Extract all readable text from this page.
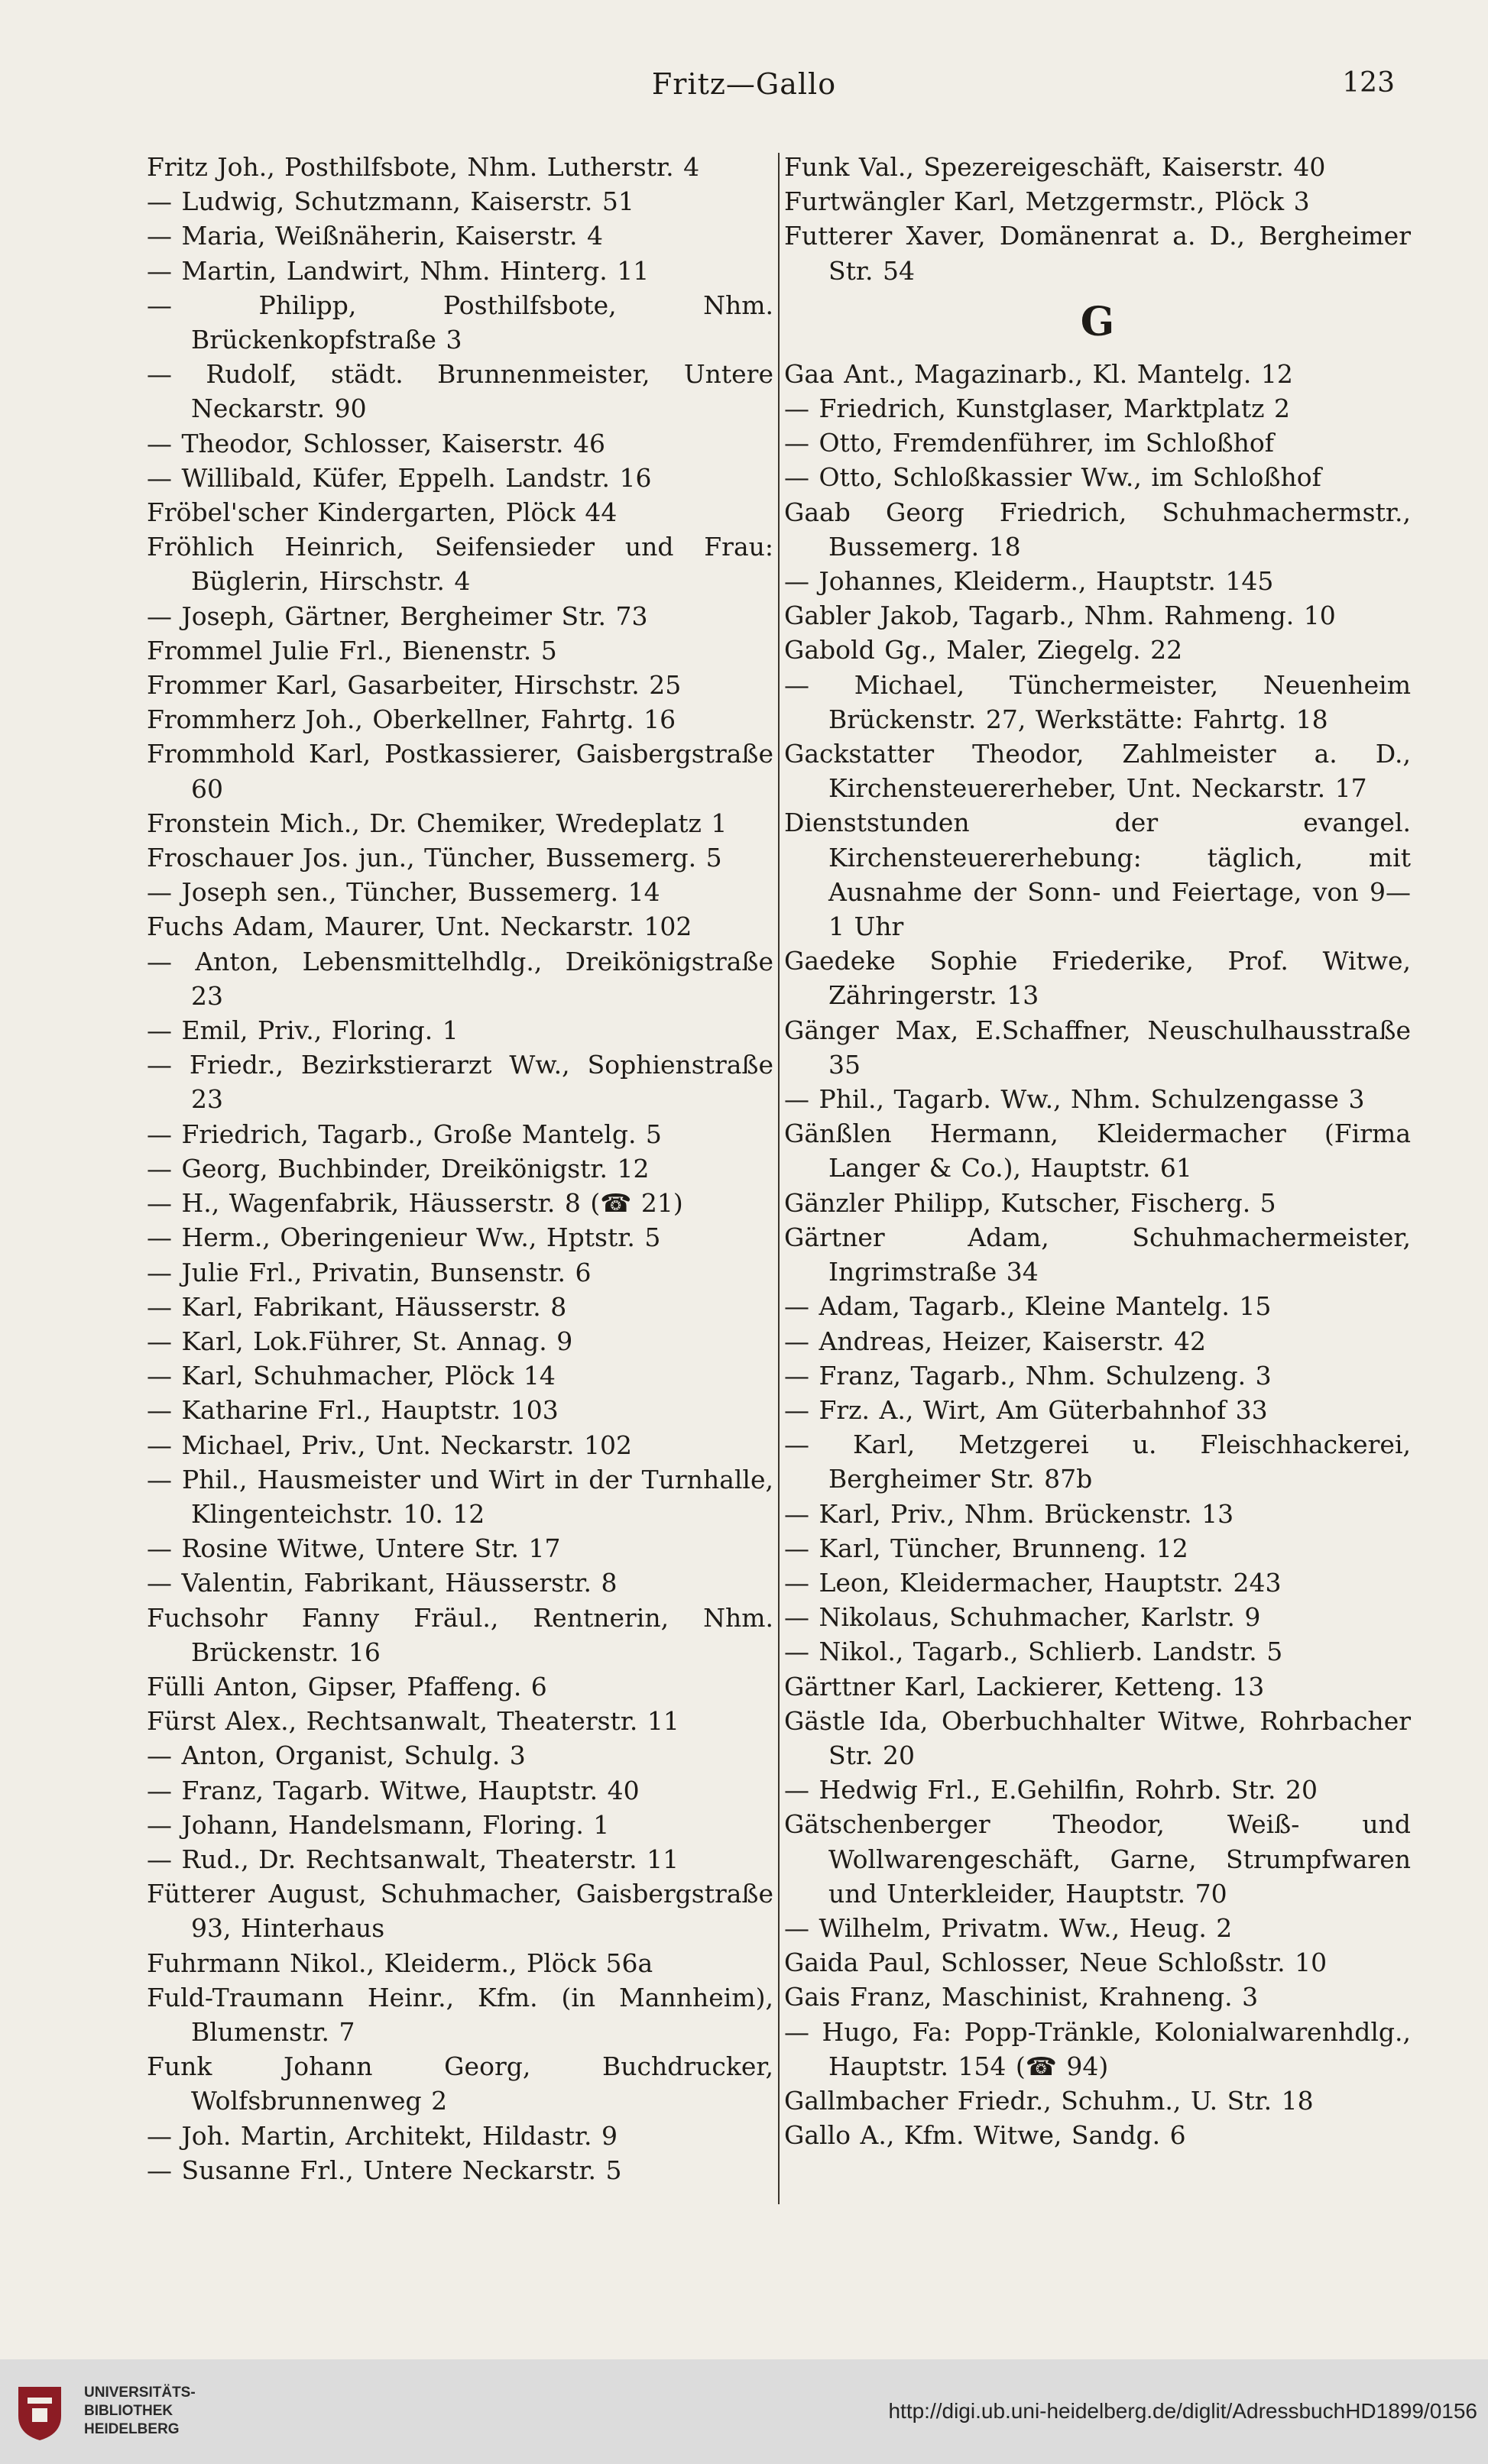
Fritz—Gallo	123

Fritz Joh., Posthilfsbote, Nhm. Lutherstr. 4

— Ludwig, Schutzmann, Kaiserstr. 51

— Maria, Weißnäherin, Kaiserstr. 4

— Martin, Landwirt, Nhm. Hinterg. 11

— Philipp, Posthilfsbote, Nhm. Brückenkopfstraße 3

— Rudolf, städt. Brunnenmeister, Untere Neckarstr. 90

— Theodor, Schlosser, Kaiserstr. 46

— Willibald, Küfer, Eppelh. Landstr. 16

Fröbel'scher Kindergarten, Plöck 44

Fröhlich Heinrich, Seifensieder und Frau: Büglerin, Hirschstr. 4

— Joseph, Gärtner, Bergheimer Str. 73

Frommel Julie Frl., Bienenstr. 5

Frommer Karl, Gasarbeiter, Hirschstr. 25

Frommherz Joh., Oberkellner, Fahrtg. 16

Frommhold Karl, Postkassierer, Gaisbergstraße 60

Fronstein Mich., Dr. Chemiker, Wredeplatz 1

Froschauer Jos. jun., Tüncher, Bussemerg. 5

— Joseph sen., Tüncher, Bussemerg. 14

Fuchs Adam, Maurer, Unt. Neckarstr. 102

— Anton, Lebensmittelhdlg., Dreikönigstraße 23

— Emil, Priv., Floring. 1

— Friedr., Bezirkstierarzt Ww., Sophienstraße 23

— Friedrich, Tagarb., Große Mantelg. 5

— Georg, Buchbinder, Dreikönigstr. 12

— H., Wagenfabrik, Häusserstr. 8 (☎ 21)

— Herm., Oberingenieur Ww., Hptstr. 5

— Julie Frl., Privatin, Bunsenstr. 6

— Karl, Fabrikant, Häusserstr. 8

— Karl, Lok.Führer, St. Annag. 9

— Karl, Schuhmacher, Plöck 14

— Katharine Frl., Hauptstr. 103

— Michael, Priv., Unt. Neckarstr. 102

— Phil., Hausmeister und Wirt in der Turnhalle, Klingenteichstr. 10. 12

— Rosine Witwe, Untere Str. 17

— Valentin, Fabrikant, Häusserstr. 8

Fuchsohr Fanny Fräul., Rentnerin, Nhm. Brückenstr. 16

Fülli Anton, Gipser, Pfaffeng. 6

Fürst Alex., Rechtsanwalt, Theaterstr. 11

— Anton, Organist, Schulg. 3

— Franz, Tagarb. Witwe, Hauptstr. 40

— Johann, Handelsmann, Floring. 1

— Rud., Dr. Rechtsanwalt, Theaterstr. 11

Fütterer August, Schuhmacher, Gaisbergstraße 93, Hinterhaus

Fuhrmann Nikol., Kleiderm., Plöck 56a

Fuld-Traumann Heinr., Kfm. (in Mannheim), Blumenstr. 7

Funk Johann Georg, Buchdrucker, Wolfsbrunnenweg 2

— Joh. Martin, Architekt, Hildastr. 9

— Susanne Frl., Untere Neckarstr. 5

Funk Val., Spezereigeschäft, Kaiserstr. 40

Furtwängler Karl, Metzgermstr., Plöck 3

Futterer Xaver, Domänenrat a. D., Bergheimer Str. 54

G

Gaa Ant., Magazinarb., Kl. Mantelg. 12

— Friedrich, Kunstglaser, Marktplatz 2

— Otto, Fremdenführer, im Schloßhof

— Otto, Schloßkassier Ww., im Schloßhof

Gaab Georg Friedrich, Schuhmachermstr., Bussemerg. 18

— Johannes, Kleiderm., Hauptstr. 145

Gabler Jakob, Tagarb., Nhm. Rahmeng. 10

Gabold Gg., Maler, Ziegelg. 22

— Michael, Tünchermeister, Neuenheim Brückenstr. 27, Werkstätte: Fahrtg. 18

Gackstatter Theodor, Zahlmeister a. D., Kirchensteuererheber, Unt. Neckarstr. 17

Dienststunden der evangel. Kirchensteuererhebung: täglich, mit Ausnahme der Sonn- und Feiertage, von 9—1 Uhr

Gaedeke Sophie Friederike, Prof. Witwe, Zähringerstr. 13

Gänger Max, E.Schaffner, Neuschulhausstraße 35

— Phil., Tagarb. Ww., Nhm. Schulzengasse 3

Gänßlen Hermann, Kleidermacher (Firma Langer & Co.), Hauptstr. 61

Gänzler Philipp, Kutscher, Fischerg. 5

Gärtner Adam, Schuhmachermeister, Ingrimstraße 34

— Adam, Tagarb., Kleine Mantelg. 15

— Andreas, Heizer, Kaiserstr. 42

— Franz, Tagarb., Nhm. Schulzeng. 3

— Frz. A., Wirt, Am Güterbahnhof 33

— Karl, Metzgerei u. Fleischhackerei, Bergheimer Str. 87b

— Karl, Priv., Nhm. Brückenstr. 13

— Karl, Tüncher, Brunneng. 12

— Leon, Kleidermacher, Hauptstr. 243

— Nikolaus, Schuhmacher, Karlstr. 9

— Nikol., Tagarb., Schlierb. Landstr. 5

Gärttner Karl, Lackierer, Ketteng. 13

Gästle Ida, Oberbuchhalter Witwe, Rohrbacher Str. 20

— Hedwig Frl., E.Gehilfin, Rohrb. Str. 20

Gätschenberger Theodor, Weiß- und Wollwarengeschäft, Garne, Strumpfwaren und Unterkleider, Hauptstr. 70

— Wilhelm, Privatm. Ww., Heug. 2

Gaida Paul, Schlosser, Neue Schloßstr. 10

Gais Franz, Maschinist, Krahneng. 3

— Hugo, Fa: Popp-Tränkle, Kolonialwarenhdlg., Hauptstr. 154 (☎ 94)

Gallmbacher Friedr., Schuhm., U. Str. 18

Gallo A., Kfm. Witwe, Sandg. 6

UNIVERSITÄTS-
BIBLIOTHEK
HEIDELBERG
http://digi.ub.uni-heidelberg.de/diglit/AdressbuchHD1899/0156
